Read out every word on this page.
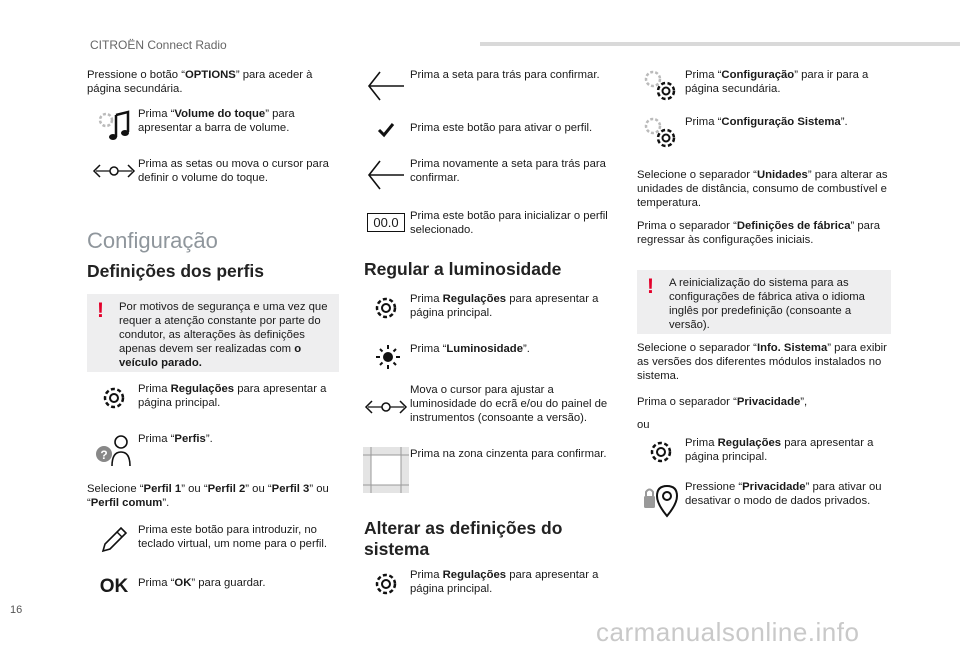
CITROËN Connect Radio
Pressione o botão “OPTIONS” para aceder à página secundária.
Prima “Volume do toque” para apresentar a barra de volume.
Prima as setas ou mova o cursor para definir o volume do toque.
Configuração
Definições dos perfis
! Por motivos de segurança e uma vez que requer a atenção constante por parte do condutor, as alterações às definições apenas devem ser realizadas com o veículo parado.
Prima Regulações para apresentar a página principal.
?
Prima “Perfis”.
Selecione “Perfil 1” ou “Perfil 2” ou “Perfil 3” ou “Perfil comum”.
Prima este botão para introduzir, no teclado virtual, um nome para o perfil.
OK Prima “OK” para guardar.
Prima a seta para trás para confirmar.
Prima este botão para ativar o perfil.
Prima novamente a seta para trás para confirmar.
00.0	Prima este botão para inicializar o perfil selecionado.
Regular a luminosidade
Prima Regulações para apresentar a página principal.
Prima “Luminosidade”.
Mova o cursor para ajustar a luminosidade do ecrã e/ou do painel de instrumentos (consoante a versão).
Prima na zona cinzenta para confirmar.
Alterar as definições do sistema
Prima Regulações para apresentar a página principal.
Prima “Configuração” para ir para a página secundária.
Prima “Configuração Sistema”.
Selecione o separador “Unidades” para alterar as unidades de distância, consumo de combustível e temperatura.
Prima o separador “Definições de fábrica” para regressar às configurações iniciais.
! A reinicialização do sistema para as configurações de fábrica ativa o idioma inglês por predefinição (consoante a versão).
Selecione o separador “Info. Sistema” para exibir as versões dos diferentes módulos instalados no sistema.
Prima o separador “Privacidade”,
ou
Prima Regulações para apresentar a página principal.
Pressione “Privacidade” para ativar ou desativar o modo de dados privados.
16
carmanualsonline.info
